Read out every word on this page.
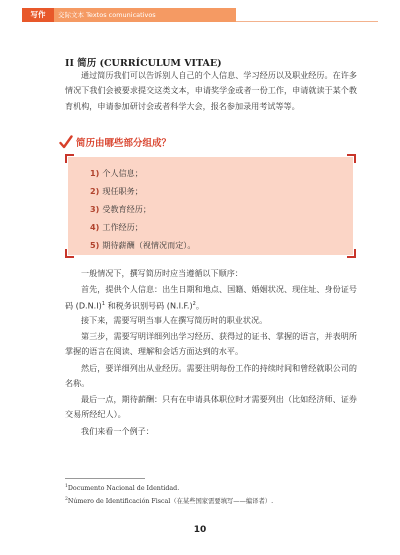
写作	交际文本 Textos comunicativos
II 简历 (CURRÍCULUM VITAE)
通过简历我们可以告诉别人自己的个人信息、学习经历以及职业经历。在许多情况下我们会被要求提交这类文本，申请奖学金或者一份工作，申请就读于某个教育机构，申请参加研讨会或者科学大会，报名参加录用考试等等。
简历由哪些部分组成？
1) 个人信息；
2) 现任职务；
3) 受教育经历；
4) 工作经历；
5) 期待薪酬（视情况而定）。
一般情况下，撰写简历时应当遵循以下顺序：
首先，提供个人信息：出生日期和地点、国籍、婚姻状况、现住址、身份证号码 $(D.N.I)^1$ 和税务识别号码 $(N.I.F.)^2$。
接下来，需要写明当事人在撰写简历时的职业状况。
第三步，需要写明详细列出学习经历、获得过的证书、掌握的语言，并表明所掌握的语言在阅读、理解和会话方面达到的水平。
然后，要详细列出从业经历。需要注明每份工作的持续时间和曾经就职公司的名称。
最后一点，期待薪酬：只有在申请具体职位时才需要列出（比如经济师、证券交易所经纪人）。
我们来看一个例子：
$^1$Documento Nacional de Identidad.
$^2$Número de Identificación Fiscal（在某些国家需要填写——编译者）.
10
